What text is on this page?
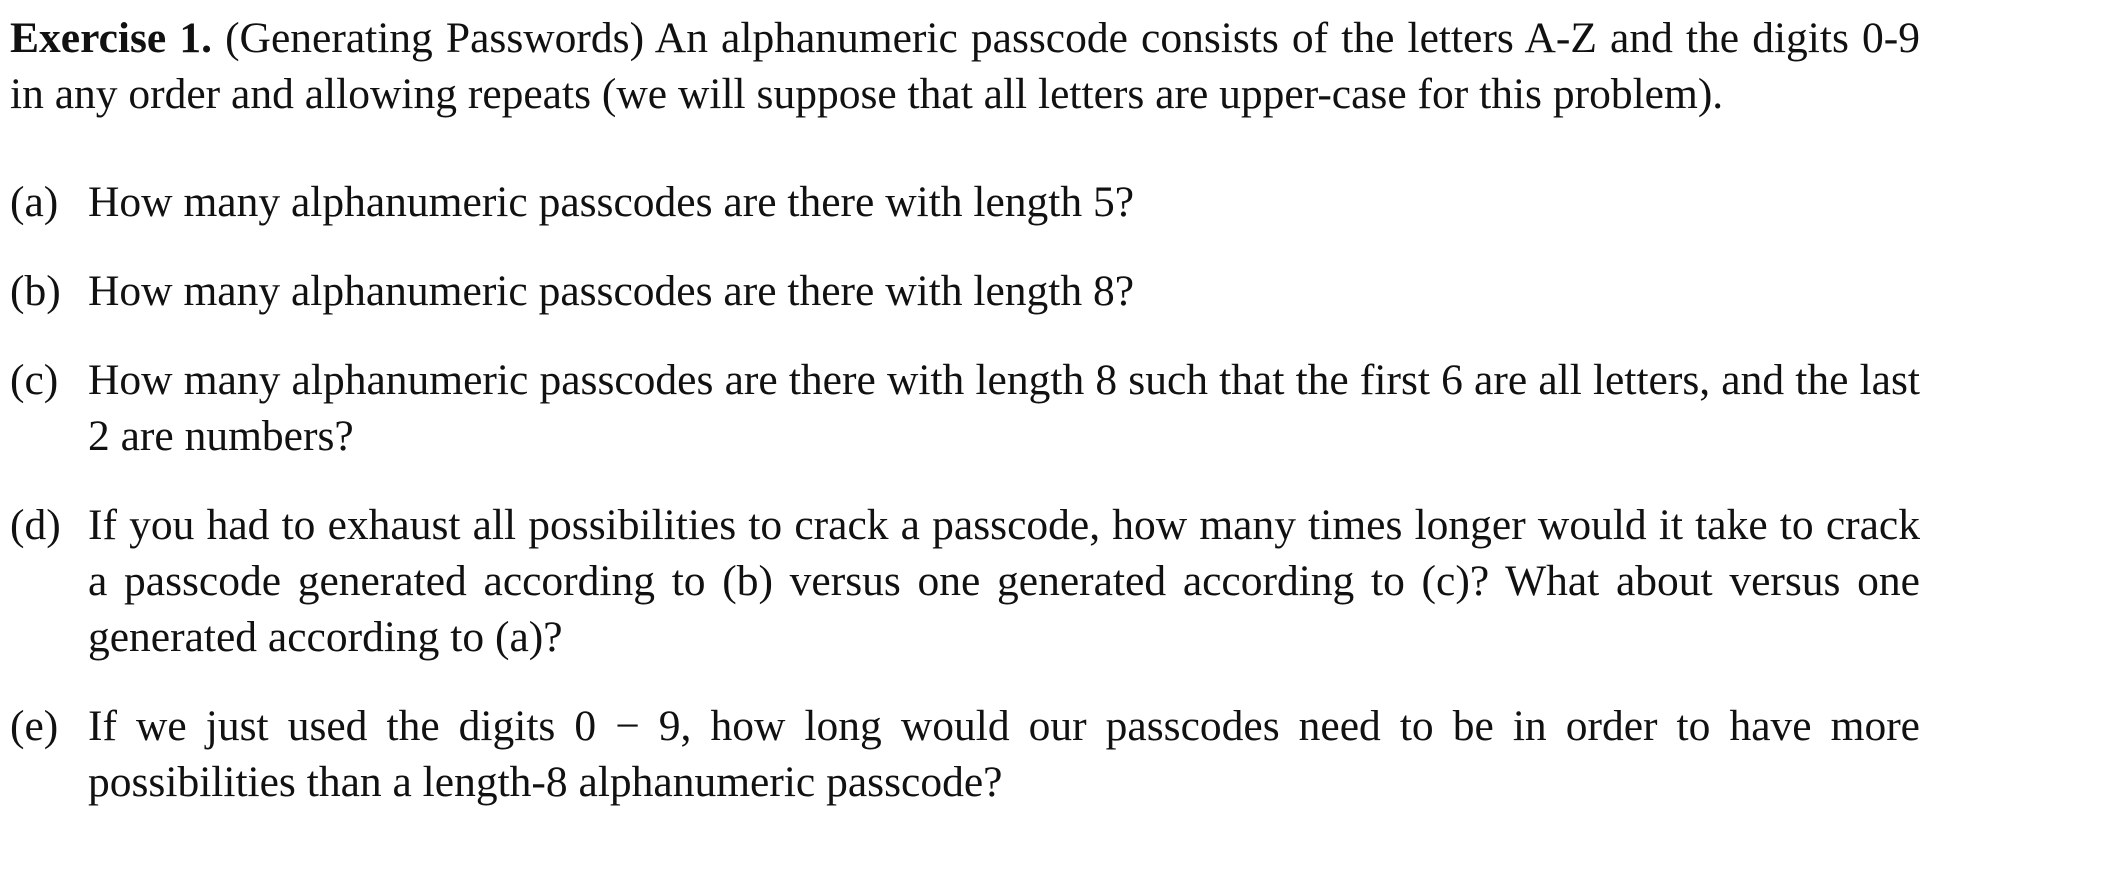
Exercise 1. (Generating Passwords) An alphanumeric passcode consists of the letters A-Z and the digits 0-9 in any order and allowing repeats (we will suppose that all letters are upper-case for this problem).

(a) How many alphanumeric passcodes are there with length 5?
(b) How many alphanumeric passcodes are there with length 8?
(c) How many alphanumeric passcodes are there with length 8 such that the first 6 are all letters, and the last 2 are numbers?
(d) If you had to exhaust all possibilities to crack a passcode, how many times longer would it take to crack a passcode generated according to (b) versus one generated according to (c)? What about versus one generated according to (a)?
(e) If we just used the digits 0 − 9, how long would our passcodes need to be in order to have more possibilities than a length-8 alphanumeric passcode?
